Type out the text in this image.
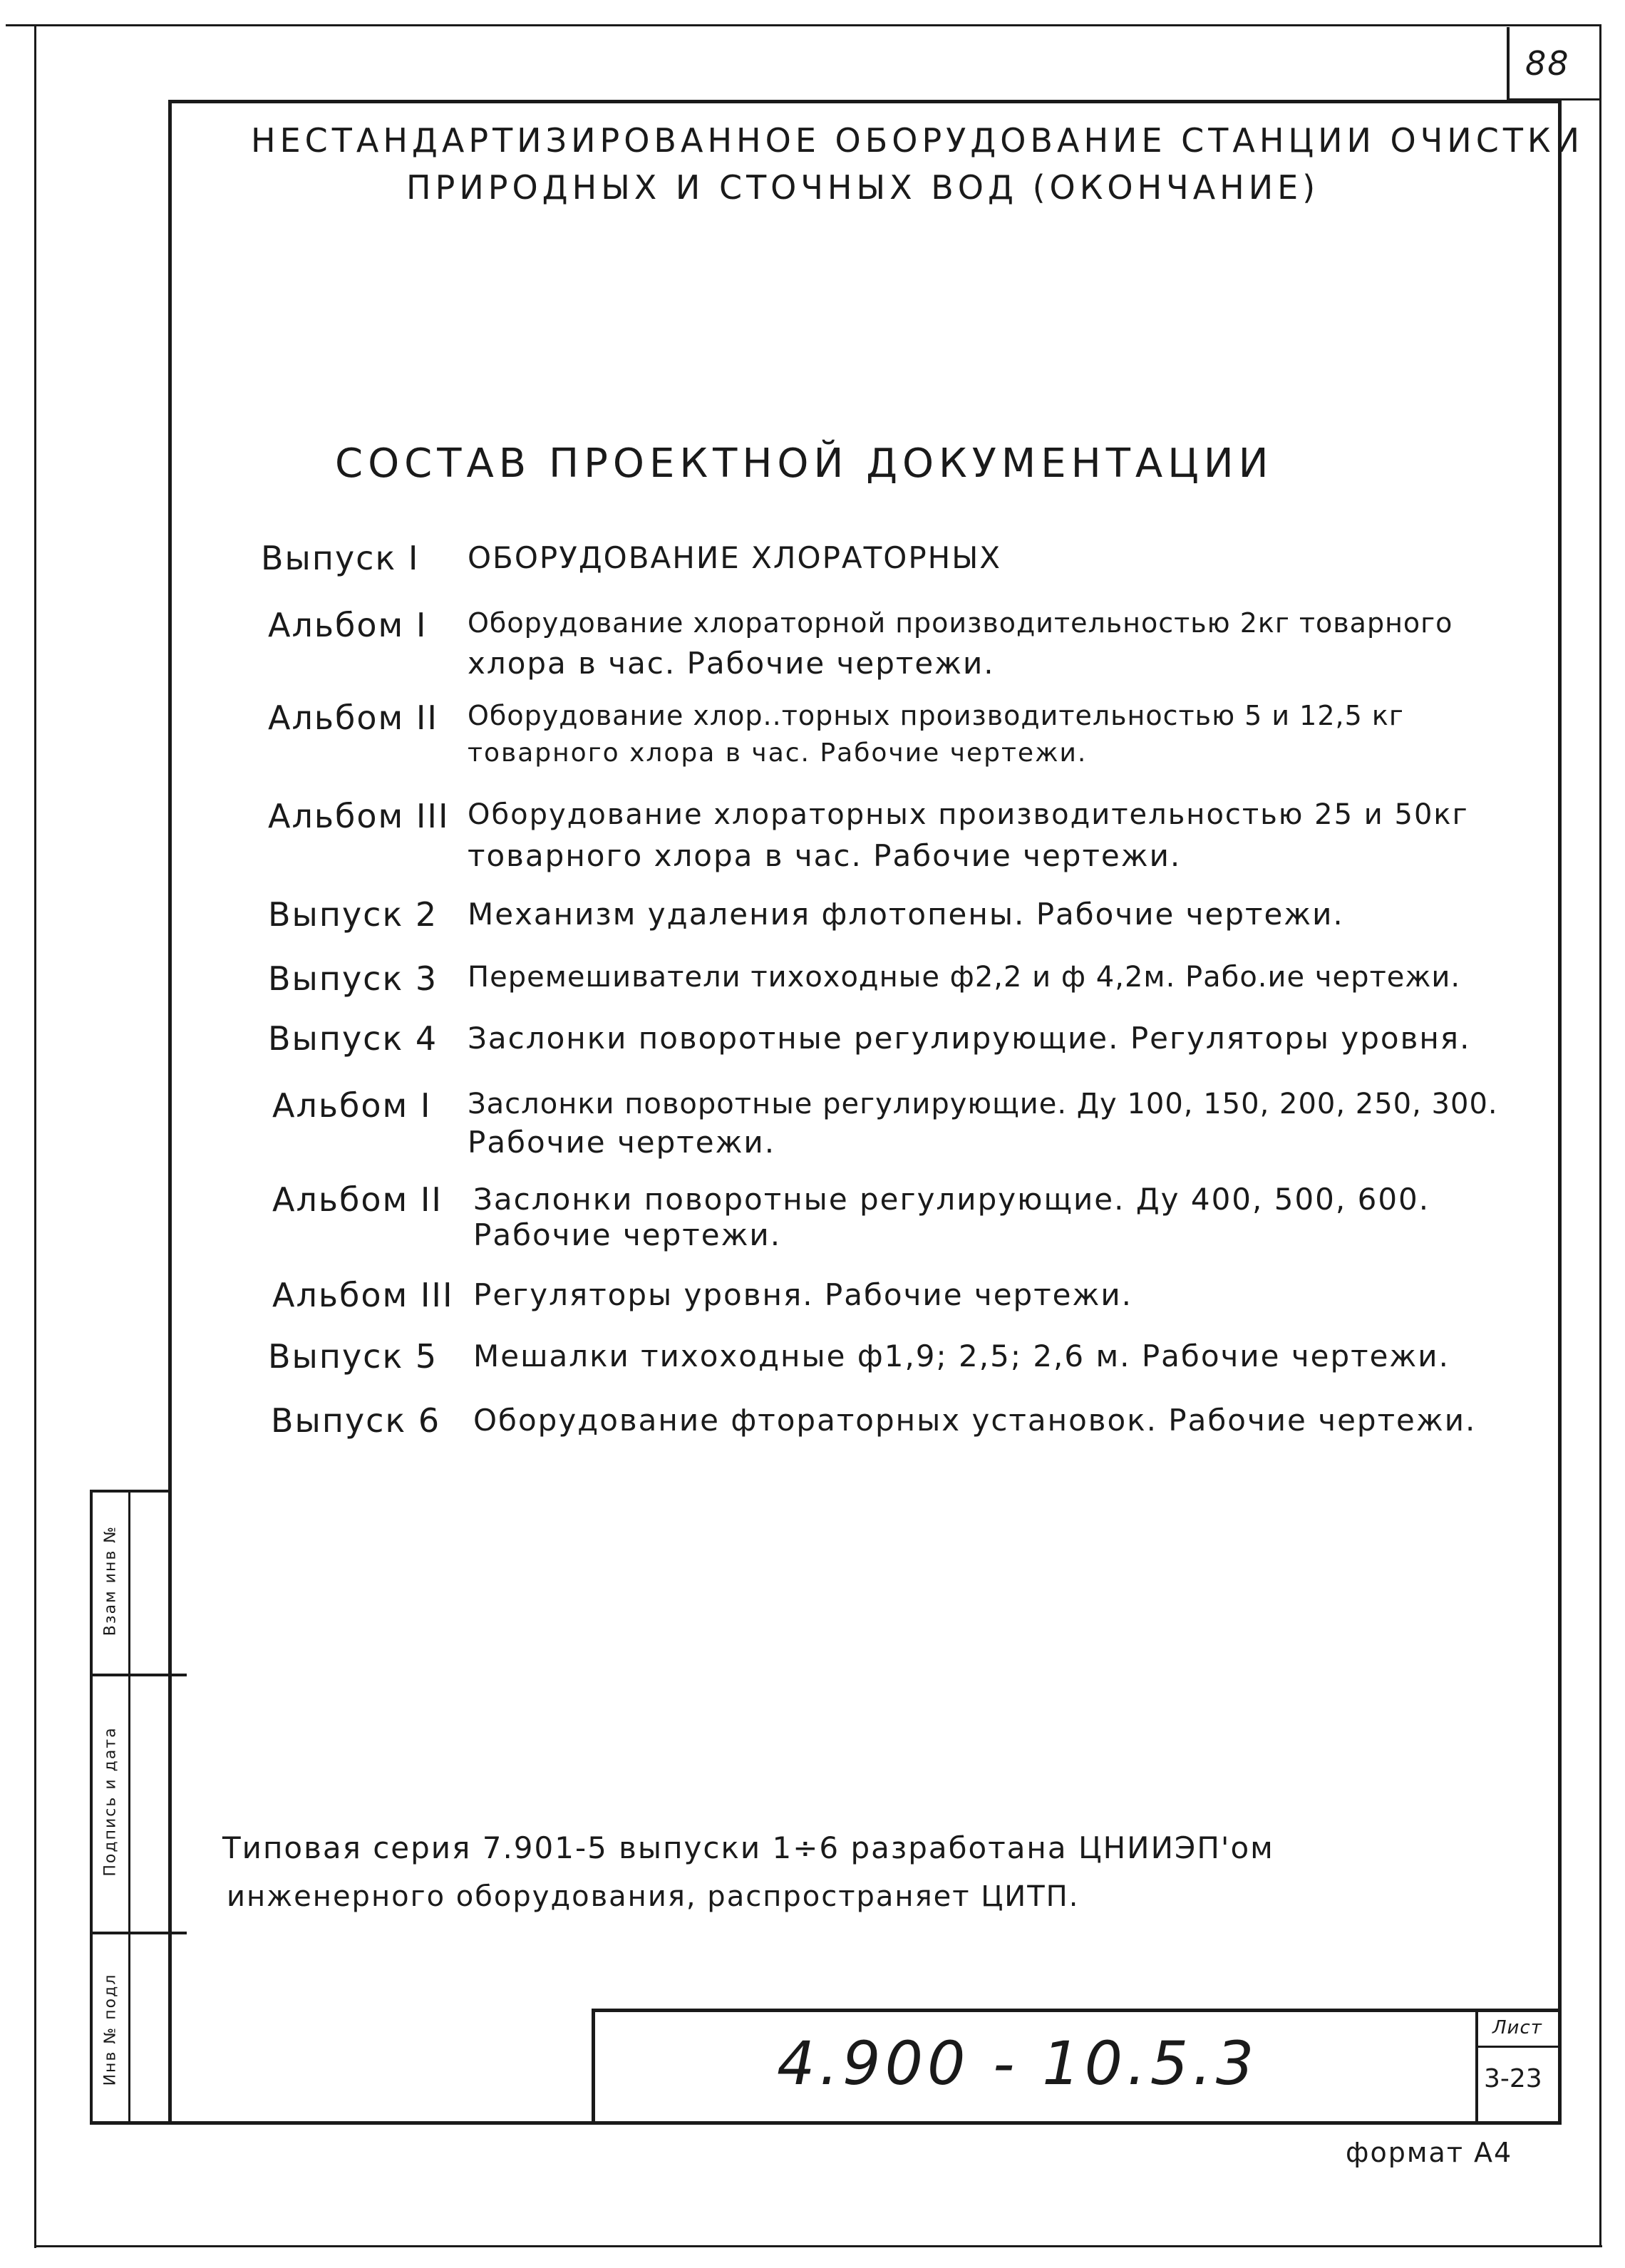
88
НЕСТАНДАРТИЗИРОВАННОЕ ОБОРУДОВАНИЕ СТАНЦИИ ОЧИСТКИ
ПРИРОДНЫХ И СТОЧНЫХ ВОД (ОКОНЧАНИЕ)
СОСТАВ ПРОЕКТНОЙ ДОКУМЕНТАЦИИ
Выпуск I ОБОРУДОВАНИЕ ХЛОРАТОРНЫХ
Альбом I Оборудование хлораторной производительностью 2кг товарного
хлора в час. Рабочие чертежи.
Альбом II Оборудование хлор..торных производительностью 5 и 12,5 кг
товарного хлора в час. Рабочие чертежи.
Альбом III Оборудование хлораторных производительностью 25 и 50кг
товарного хлора в час. Рабочие чертежи.
Выпуск 2 Механизм удаления флотопены. Рабочие чертежи.
Выпуск 3 Перемешиватели тихоходные ф2,2 и ф 4,2м. Рабо.ие чертежи.
Выпуск 4 Заслонки поворотные регулирующие. Регуляторы уровня.
Альбом I Заслонки поворотные регулирующие. Ду 100, 150, 200, 250, 300.
Рабочие чертежи.
Альбом II Заслонки поворотные регулирующие. Ду 400, 500, 600.
Рабочие чертежи.
Альбом III Регуляторы уровня. Рабочие чертежи.
Выпуск 5 Мешалки тихоходные ф1,9; 2,5; 2,6 м. Рабочие чертежи.
Выпуск 6 Оборудование фтораторных установок. Рабочие чертежи.
Типовая серия 7.901-5 выпуски 1÷6 разработана ЦНИИЭП'ом
инженерного оборудования, распространяет ЦИТП.
Взам инв №
Подпись и дата
Инв № подл	4.900 - 10.5.3
Лист
3-23
формат А4
